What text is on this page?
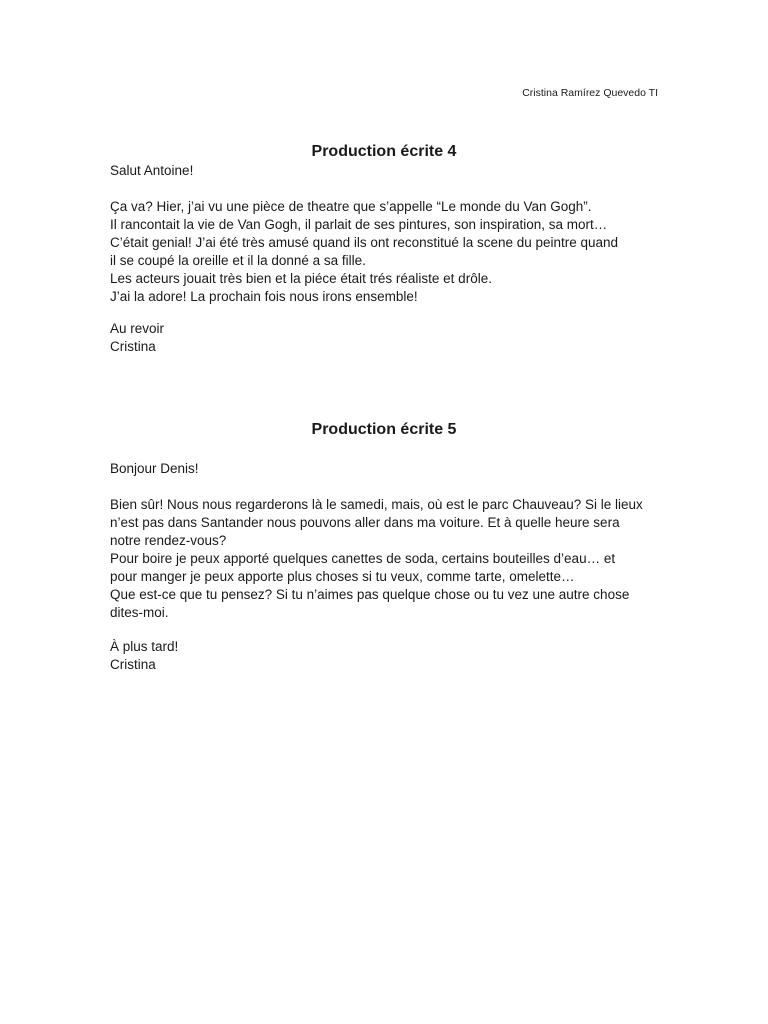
Cristina Ramírez Quevedo TI
Production écrite 4
Salut Antoine!
Ça va? Hier, j’ai vu une pièce de theatre que s’appelle “Le monde du Van Gogh”.
Il rancontait la vie de Van Gogh, il parlait de ses pintures, son inspiration, sa mort…
C’était genial! J’ai été très amusé quand ils ont reconstitué la scene du peintre quand
il se coupé la oreille et il la donné a sa fille.
Les acteurs jouait très bien et la piéce était trés réaliste et drôle.
J’ai la adore! La prochain fois nous irons ensemble!
Au revoir
Cristina
Production écrite 5
Bonjour Denis!
Bien sûr! Nous nous regarderons là le samedi, mais, où est le parc Chauveau? Si le lieux
n’est pas dans Santander nous pouvons aller dans ma voiture. Et à quelle heure sera
notre rendez-vous?
Pour boire je peux apporté quelques canettes de soda, certains bouteilles d’eau… et
pour manger je peux apporte plus choses si tu veux, comme tarte, omelette…
Que est-ce que tu pensez? Si tu n’aimes pas quelque chose ou tu vez une autre chose
dites-moi.
À plus tard!
Cristina
